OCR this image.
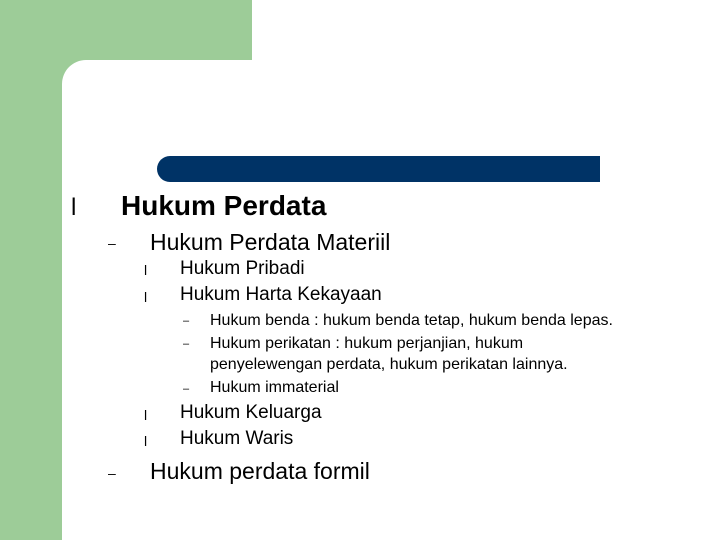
l Hukum Perdata
– Hukum Perdata Materiil
l Hukum Pribadi
l Hukum Harta Kekayaan
– Hukum benda : hukum benda tetap, hukum benda lepas.
– Hukum perikatan : hukum perjanjian, hukum
penyelewengan perdata, hukum perikatan lainnya.
– Hukum immaterial
l Hukum Keluarga
l Hukum Waris
– Hukum perdata formil
